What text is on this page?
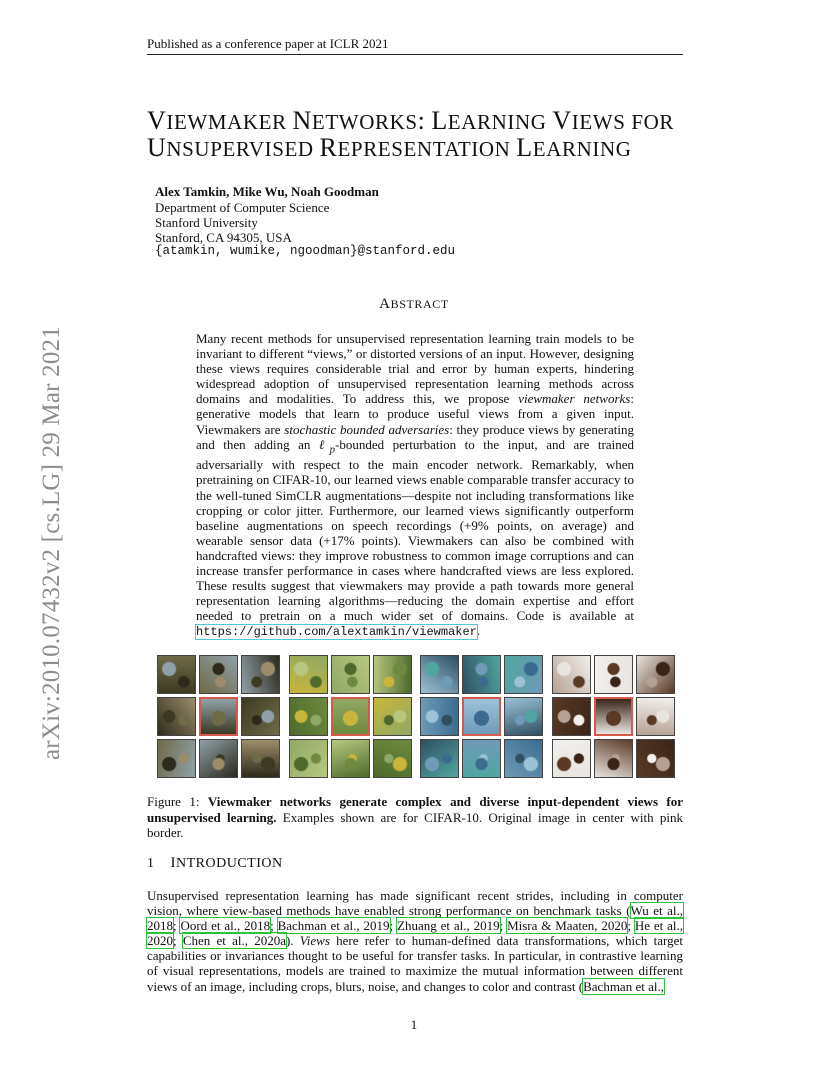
Published as a conference paper at ICLR 2021
arXiv:2010.07432v2 [cs.LG] 29 Mar 2021
VIEWMAKER NETWORKS: LEARNING VIEWS FOR
UNSUPERVISED REPRESENTATION LEARNING
Alex Tamkin, Mike Wu, Noah Goodman
Department of Computer Science
Stanford University
Stanford, CA 94305, USA
{atamkin, wumike, ngoodman}@stanford.edu
ABSTRACT
Many recent methods for unsupervised representation learning train models to be invariant to different “views,” or distorted versions of an input. However, designing these views requires considerable trial and error by human experts, hindering widespread adoption of unsupervised representation learning methods across domains and modalities. To address this, we propose viewmaker networks: generative models that learn to produce useful views from a given input. Viewmakers are stochastic bounded adversaries: they produce views by generating and then adding an ℓ$_p$-bounded perturbation to the input, and are trained adversarially with respect to the main encoder network. Remarkably, when pretraining on CIFAR-10, our learned views enable comparable transfer accuracy to the well-tuned SimCLR augmentations—despite not including transformations like cropping or color jitter. Furthermore, our learned views significantly outperform baseline augmentations on speech recordings (+9% points, on average) and wearable sensor data (+17% points). Viewmakers can also be combined with handcrafted views: they improve robustness to common image corruptions and can increase transfer performance in cases where handcrafted views are less explored. These results suggest that viewmakers may provide a path towards more general representation learning algorithms—reducing the domain expertise and effort needed to pretrain on a much wider set of domains. Code is available at https://github.com/alextamkin/viewmaker.
Figure 1: Viewmaker networks generate complex and diverse input-dependent views for unsupervised learning. Examples shown are for CIFAR-10. Original image in center with pink border.
1 INTRODUCTION
Unsupervised representation learning has made significant recent strides, including in computer vision, where view-based methods have enabled strong performance on benchmark tasks (Wu et al., 2018; Oord et al., 2018; Bachman et al., 2019; Zhuang et al., 2019; Misra & Maaten, 2020; He et al., 2020; Chen et al., 2020a). Views here refer to human-defined data transformations, which target capabilities or invariances thought to be useful for transfer tasks. In particular, in contrastive learning of visual representations, models are trained to maximize the mutual information between different views of an image, including crops, blurs, noise, and changes to color and contrast (Bachman et al.,
1
